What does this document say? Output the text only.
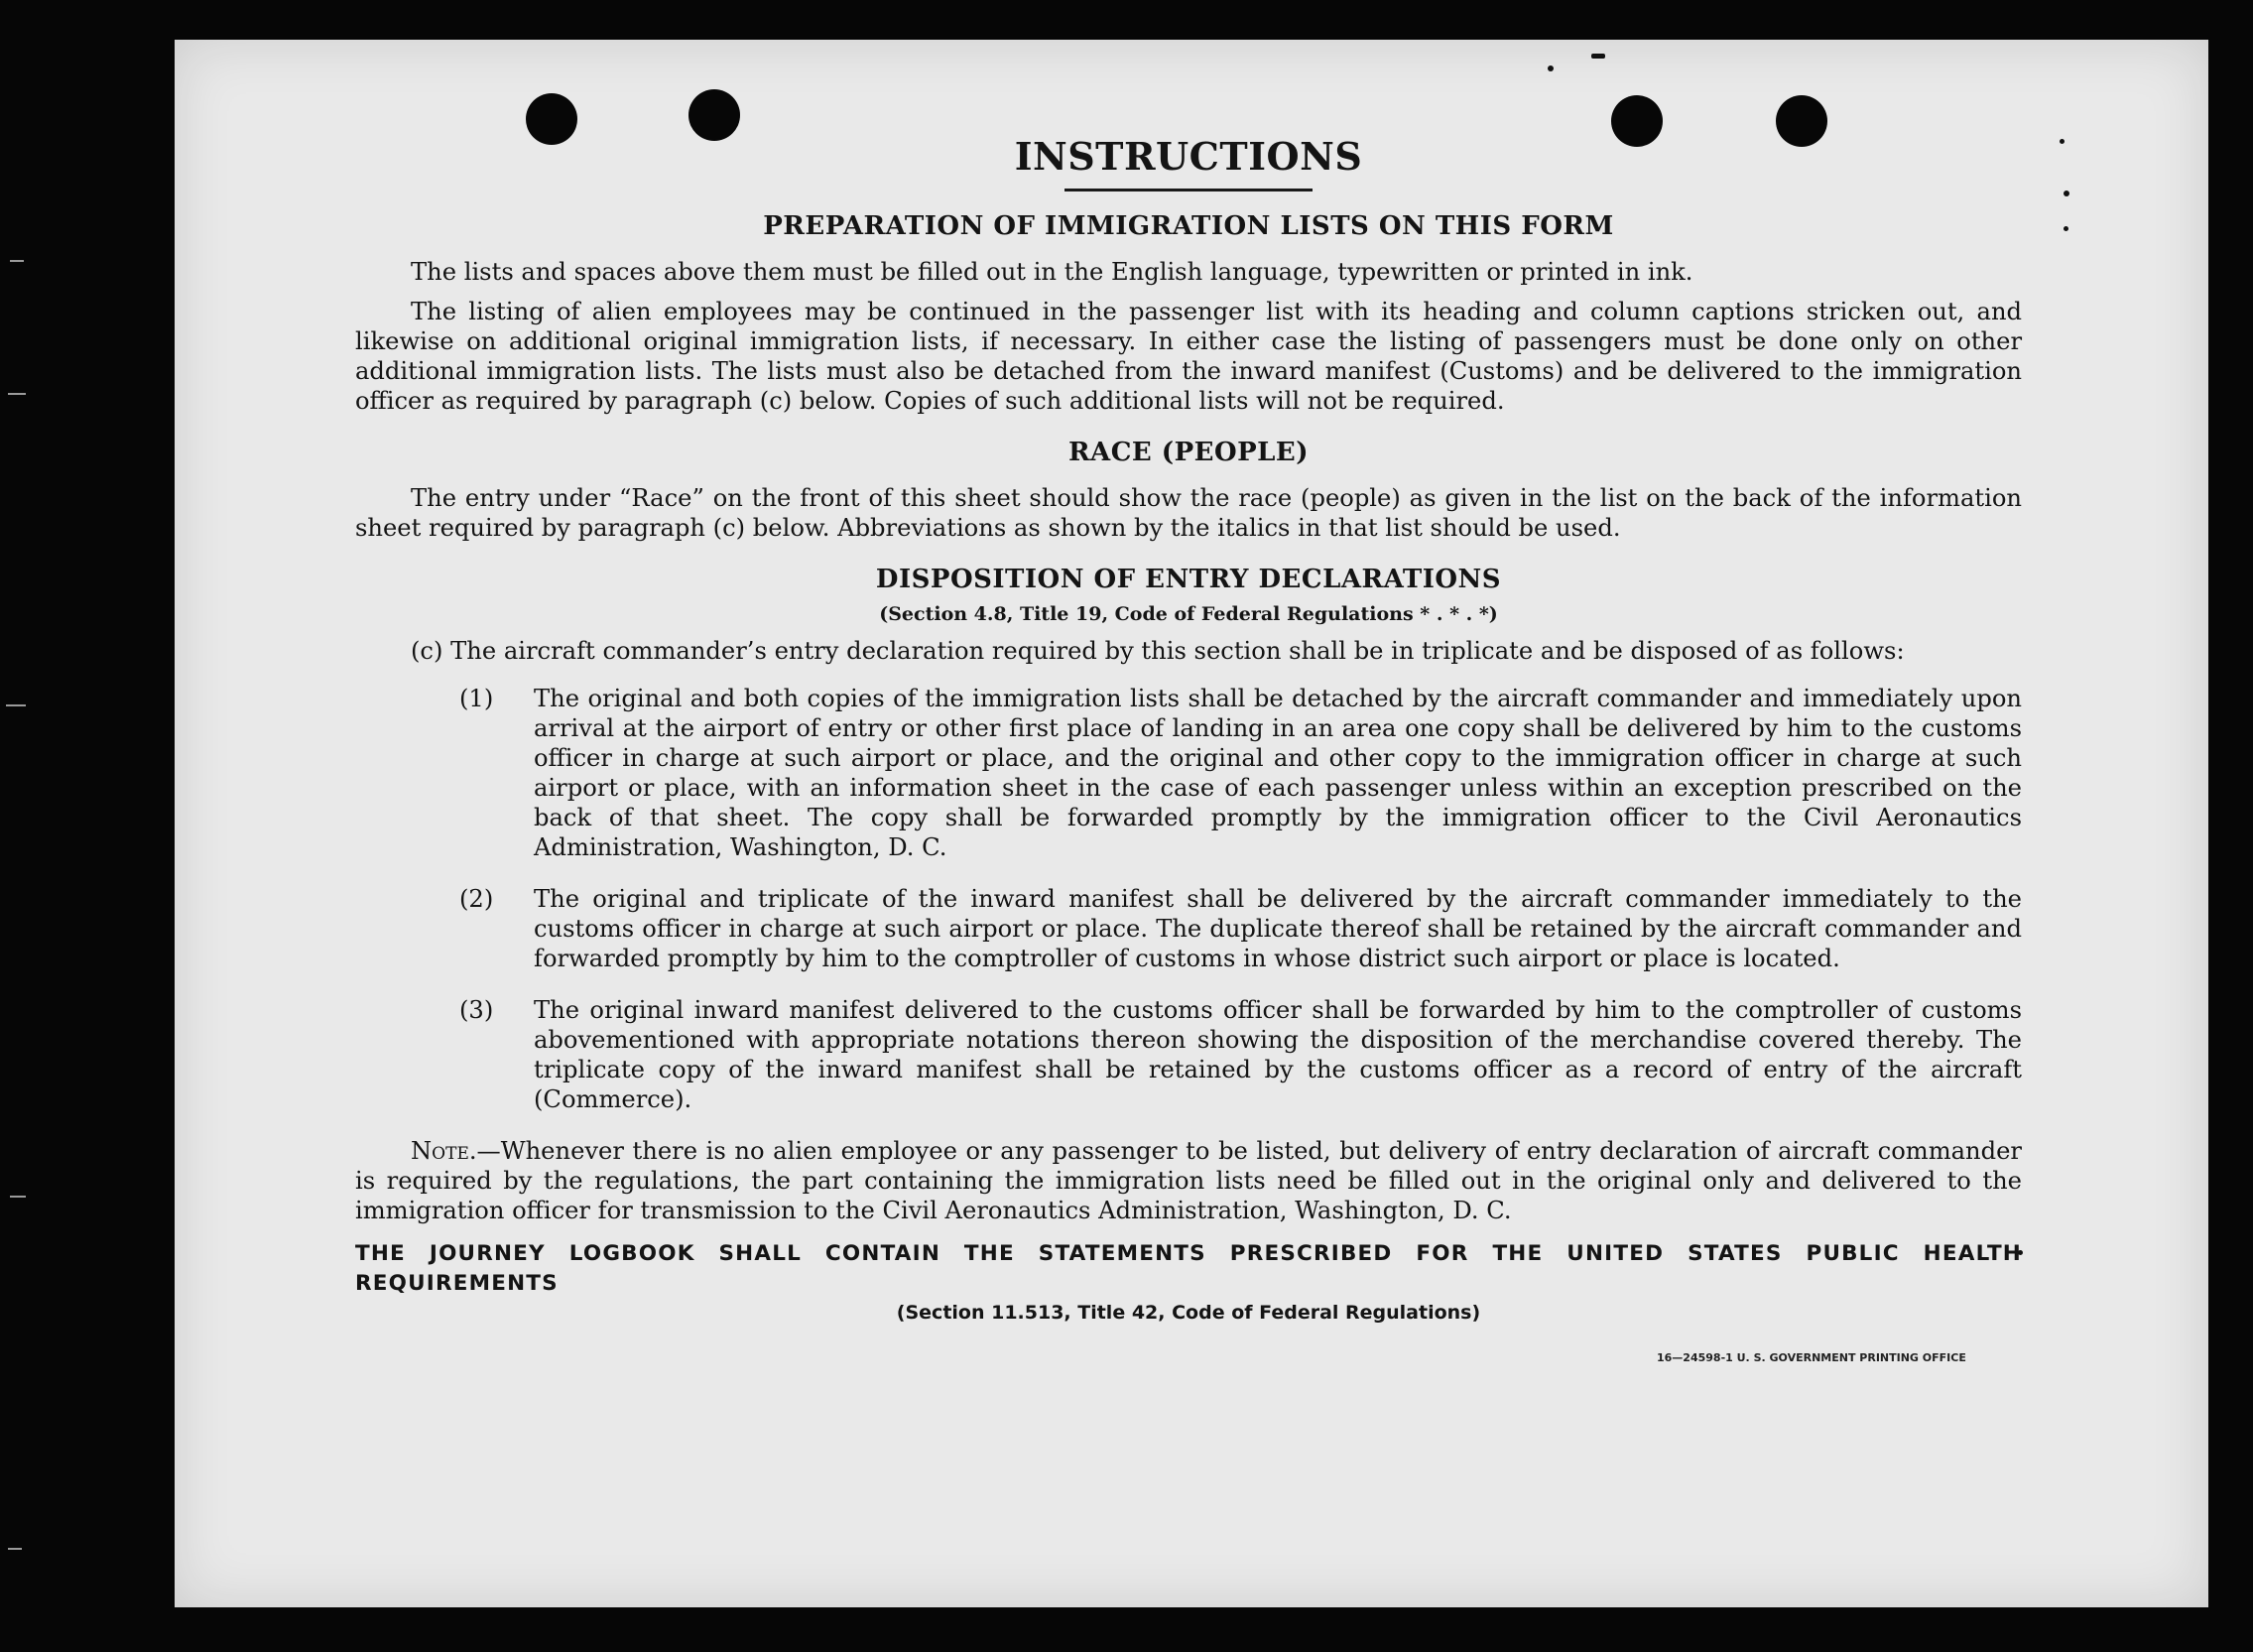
INSTRUCTIONS
PREPARATION OF IMMIGRATION LISTS ON THIS FORM

The lists and spaces above them must be filled out in the English language, typewritten or printed in ink.

The listing of alien employees may be continued in the passenger list with its heading and column captions stricken out, and likewise on additional original immigration lists, if necessary. In either case the listing of passengers must be done only on other additional immigration lists. The lists must also be detached from the inward manifest (Customs) and be delivered to the immigration officer as required by paragraph (c) below. Copies of such additional lists will not be required.

RACE (PEOPLE)

The entry under “Race” on the front of this sheet should show the race (people) as given in the list on the back of the information sheet required by paragraph (c) below. Abbreviations as shown by the italics in that list should be used.

DISPOSITION OF ENTRY DECLARATIONS
(Section 4.8, Title 19, Code of Federal Regulations * . * . *)

(c) The aircraft commander’s entry declaration required by this section shall be in triplicate and be disposed of as follows:

(1) The original and both copies of the immigration lists shall be detached by the aircraft commander and immediately upon arrival at the airport of entry or other first place of landing in an area one copy shall be delivered by him to the customs officer in charge at such airport or place, and the original and other copy to the immigration officer in charge at such airport or place, with an information sheet in the case of each passenger unless within an exception prescribed on the back of that sheet. The copy shall be forwarded promptly by the immigration officer to the Civil Aeronautics Administration, Washington, D. C.

(2) The original and triplicate of the inward manifest shall be delivered by the aircraft commander immediately to the customs officer in charge at such airport or place. The duplicate thereof shall be retained by the aircraft commander and forwarded promptly by him to the comptroller of customs in whose district such airport or place is located.

(3) The original inward manifest delivered to the customs officer shall be forwarded by him to the comptroller of customs abovementioned with appropriate notations thereon showing the disposition of the merchandise covered thereby. The triplicate copy of the inward manifest shall be retained by the customs officer as a record of entry of the aircraft (Commerce).

Note.—Whenever there is no alien employee or any passenger to be listed, but delivery of entry declaration of aircraft commander is required by the regulations, the part containing the immigration lists need be filled out in the original only and delivered to the immigration officer for transmission to the Civil Aeronautics Administration, Washington, D. C.

THE JOURNEY LOGBOOK SHALL CONTAIN THE STATEMENTS PRESCRIBED FOR THE UNITED STATES PUBLIC HEALTH REQUIREMENTS
(Section 11.513, Title 42, Code of Federal Regulations)
16—24598-1 U. S. GOVERNMENT PRINTING OFFICE
